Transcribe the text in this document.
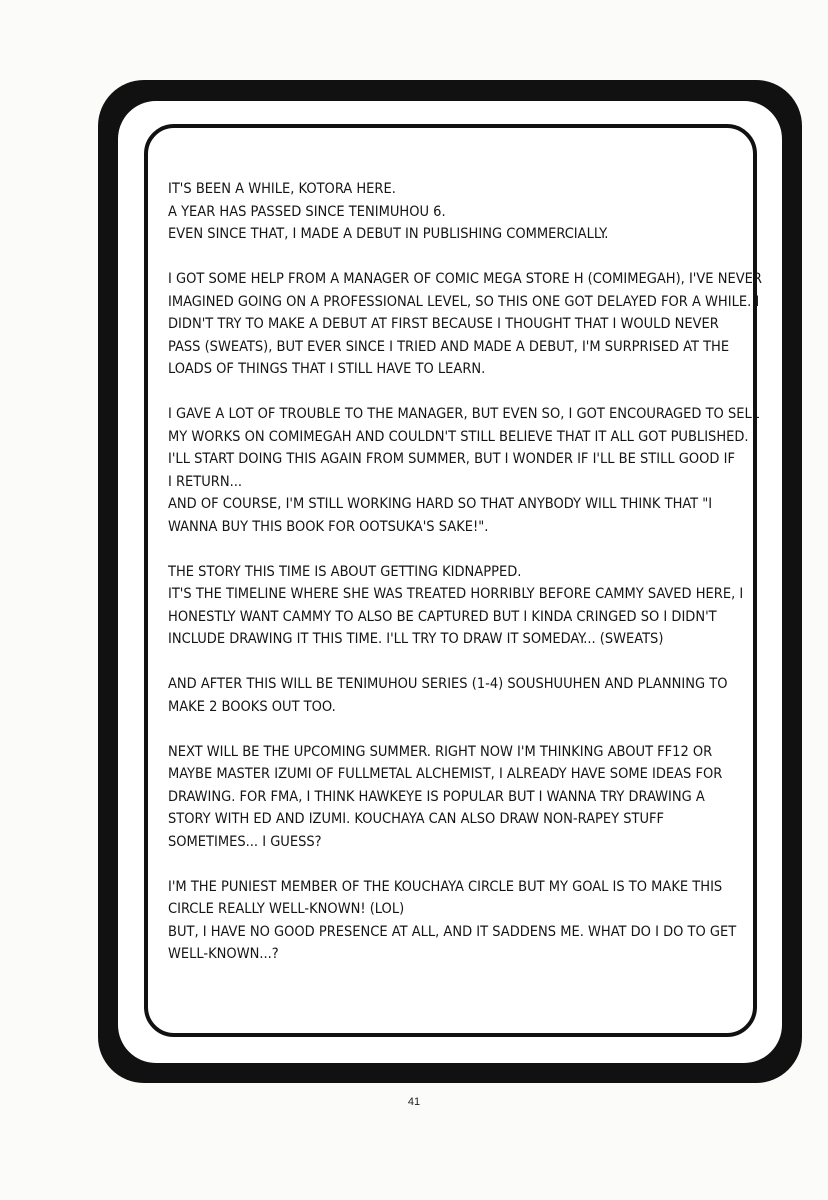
IT'S BEEN A WHILE, KOTORA HERE.
A YEAR HAS PASSED SINCE TENIMUHOU 6.
EVEN SINCE THAT, I MADE A DEBUT IN PUBLISHING COMMERCIALLY.
I GOT SOME HELP FROM A MANAGER OF COMIC MEGA STORE H (COMIMEGAH), I'VE NEVER
IMAGINED GOING ON A PROFESSIONAL LEVEL, SO THIS ONE GOT DELAYED FOR A WHILE. I
DIDN'T TRY TO MAKE A DEBUT AT FIRST BECAUSE I THOUGHT THAT I WOULD NEVER
PASS (SWEATS), BUT EVER SINCE I TRIED AND MADE A DEBUT, I'M SURPRISED AT THE
LOADS OF THINGS THAT I STILL HAVE TO LEARN.
I GAVE A LOT OF TROUBLE TO THE MANAGER, BUT EVEN SO, I GOT ENCOURAGED TO SELL
MY WORKS ON COMIMEGAH AND COULDN'T STILL BELIEVE THAT IT ALL GOT PUBLISHED.
I'LL START DOING THIS AGAIN FROM SUMMER, BUT I WONDER IF I'LL BE STILL GOOD IF
I RETURN...
AND OF COURSE, I'M STILL WORKING HARD SO THAT ANYBODY WILL THINK THAT "I
WANNA BUY THIS BOOK FOR OOTSUKA'S SAKE!".
THE STORY THIS TIME IS ABOUT GETTING KIDNAPPED.
IT'S THE TIMELINE WHERE SHE WAS TREATED HORRIBLY BEFORE CAMMY SAVED HERE, I
HONESTLY WANT CAMMY TO ALSO BE CAPTURED BUT I KINDA CRINGED SO I DIDN'T
INCLUDE DRAWING IT THIS TIME. I'LL TRY TO DRAW IT SOMEDAY... (SWEATS)
AND AFTER THIS WILL BE TENIMUHOU SERIES (1-4) SOUSHUUHEN AND PLANNING TO
MAKE 2 BOOKS OUT TOO.
NEXT WILL BE THE UPCOMING SUMMER. RIGHT NOW I'M THINKING ABOUT FF12 OR
MAYBE MASTER IZUMI OF FULLMETAL ALCHEMIST, I ALREADY HAVE SOME IDEAS FOR
DRAWING. FOR FMA, I THINK HAWKEYE IS POPULAR BUT I WANNA TRY DRAWING A
STORY WITH ED AND IZUMI. KOUCHAYA CAN ALSO DRAW NON-RAPEY STUFF
SOMETIMES... I GUESS?
I'M THE PUNIEST MEMBER OF THE KOUCHAYA CIRCLE BUT MY GOAL IS TO MAKE THIS
CIRCLE REALLY WELL-KNOWN! (LOL)
BUT, I HAVE NO GOOD PRESENCE AT ALL, AND IT SADDENS ME. WHAT DO I DO TO GET
WELL-KNOWN...?
41
